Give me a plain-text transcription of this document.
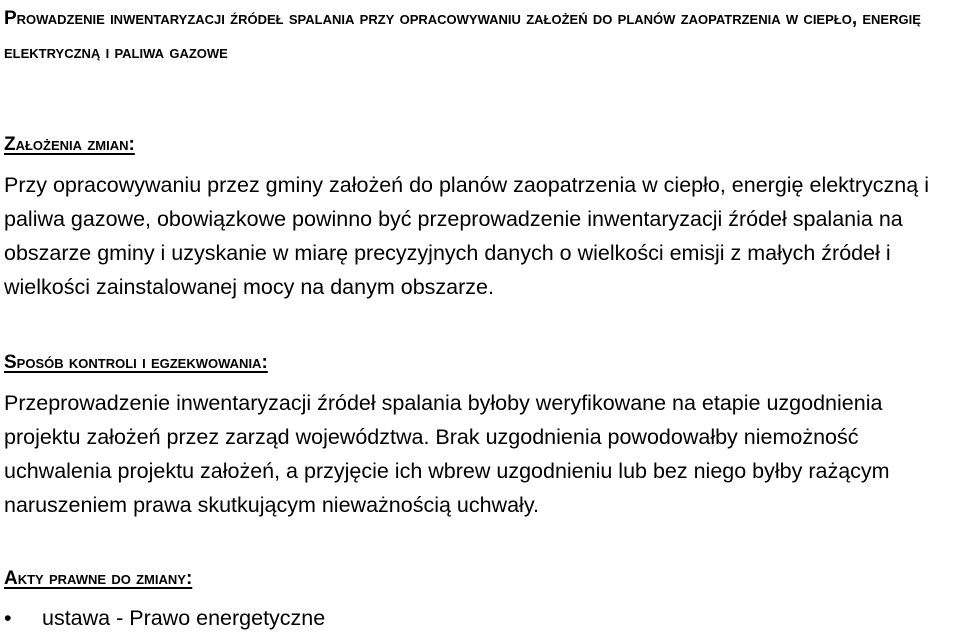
Prowadzenie inwentaryzacji źródeł spalania przy opracowywaniu założeń do planów zaopatrzenia w ciepło, energię elektryczną i paliwa gazowe
Założenia zmian:

Przy opracowywaniu przez gminy założeń do planów zaopatrzenia w ciepło, energię elektryczną i paliwa gazowe, obowiązkowe powinno być przeprowadzenie inwentaryzacji źródeł spalania na obszarze gminy i uzyskanie w miarę precyzyjnych danych o wielkości emisji z małych źródeł i wielkości zainstalowanej mocy na danym obszarze.

Sposób kontroli i egzekwowania:

Przeprowadzenie inwentaryzacji źródeł spalania byłoby weryfikowane na etapie uzgodnienia projektu założeń przez zarząd województwa. Brak uzgodnienia powodowałby niemożność uchwalenia projektu założeń, a przyjęcie ich wbrew uzgodnieniu lub bez niego byłby rażącym naruszeniem prawa skutkującym nieważnością uchwały.

Akty prawne do zmiany:
• ustawa - Prawo energetyczne
